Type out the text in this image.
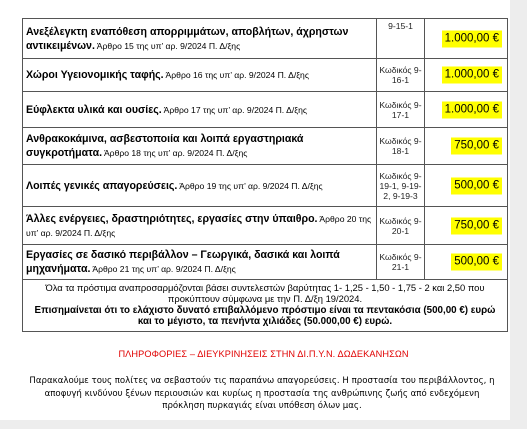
Ανεξέλεγκτη εναπόθεση απορριμμάτων, αποβλήτων, άχρηστων αντικειμένων. Άρθρο 15 της υπ’ αρ. 9/2024 Π. Δ/ξης	9-15-1	1.000,00 €

Χώροι Υγειονομικής ταφής. Άρθρο 16 της υπ’ αρ. 9/2024 Π. Δ/ξης	Κωδικός 9-16-1	1.000,00 €

Εύφλεκτα υλικά και ουσίες. Άρθρο 17 της υπ’ αρ. 9/2024 Π. Δ/ξης	Κωδικός 9-17-1	1.000,00 €

Ανθρακοκάμινα, ασβεστοποιία και λοιπά εργαστηριακά συγκροτήματα. Άρθρο 18 της υπ’ αρ. 9/2024 Π. Δ/ξης	Κωδικός 9-18-1	750,00 €

Λοιπές γενικές απαγορεύσεις. Άρθρο 19 της υπ’ αρ. 9/2024 Π. Δ/ξης	Κωδικός 9-19-1, 9-19-2, 9-19-3	500,00 €

Άλλες ενέργειες, δραστηριότητες, εργασίες στην ύπαιθρο. Άρθρο 20 της υπ’ αρ. 9/2024 Π. Δ/ξης	Κωδικός 9-20-1	750,00 €

Εργασίες σε δασικό περιβάλλον – Γεωργικά, δασικά και λοιπά μηχανήματα. Άρθρο 21 της υπ’ αρ. 9/2024 Π. Δ/ξης	Κωδικός 9-21-1	500,00 €

Όλα τα πρόστιμα αναπροσαρμόζονται βάσει συντελεστών βαρύτητας 1- 1,25 - 1,50 - 1,75 - 2 και 2,50 που προκύπτουν σύμφωνα με την Π. Δ/ξη 19/2024.
Επισημαίνεται ότι το ελάχιστο δυνατό επιβαλλόμενο πρόστιμο είναι τα πεντακόσια (500,00 €) ευρώ και το μέγιστο, τα πενήντα χιλιάδες (50.000,00 €) ευρώ.		
ΠΛΗΡΟΦΟΡΙΕΣ – ΔΙΕΥΚΡΙΝΗΣΕΙΣ ΣΤΗΝ ΔΙ.Π.Υ.Ν. ΔΩΔΕΚΑΝΗΣΩΝ
Παρακαλούμε τους πολίτες να σεβαστούν τις παραπάνω απαγορεύσεις. Η προστασία του περιβάλλοντος, η αποφυγή κινδύνου ξένων περιουσιών και κυρίως η προστασία της ανθρώπινης ζωής από ενδεχόμενη πρόκληση πυρκαγιάς είναι υπόθεση όλων μας.
